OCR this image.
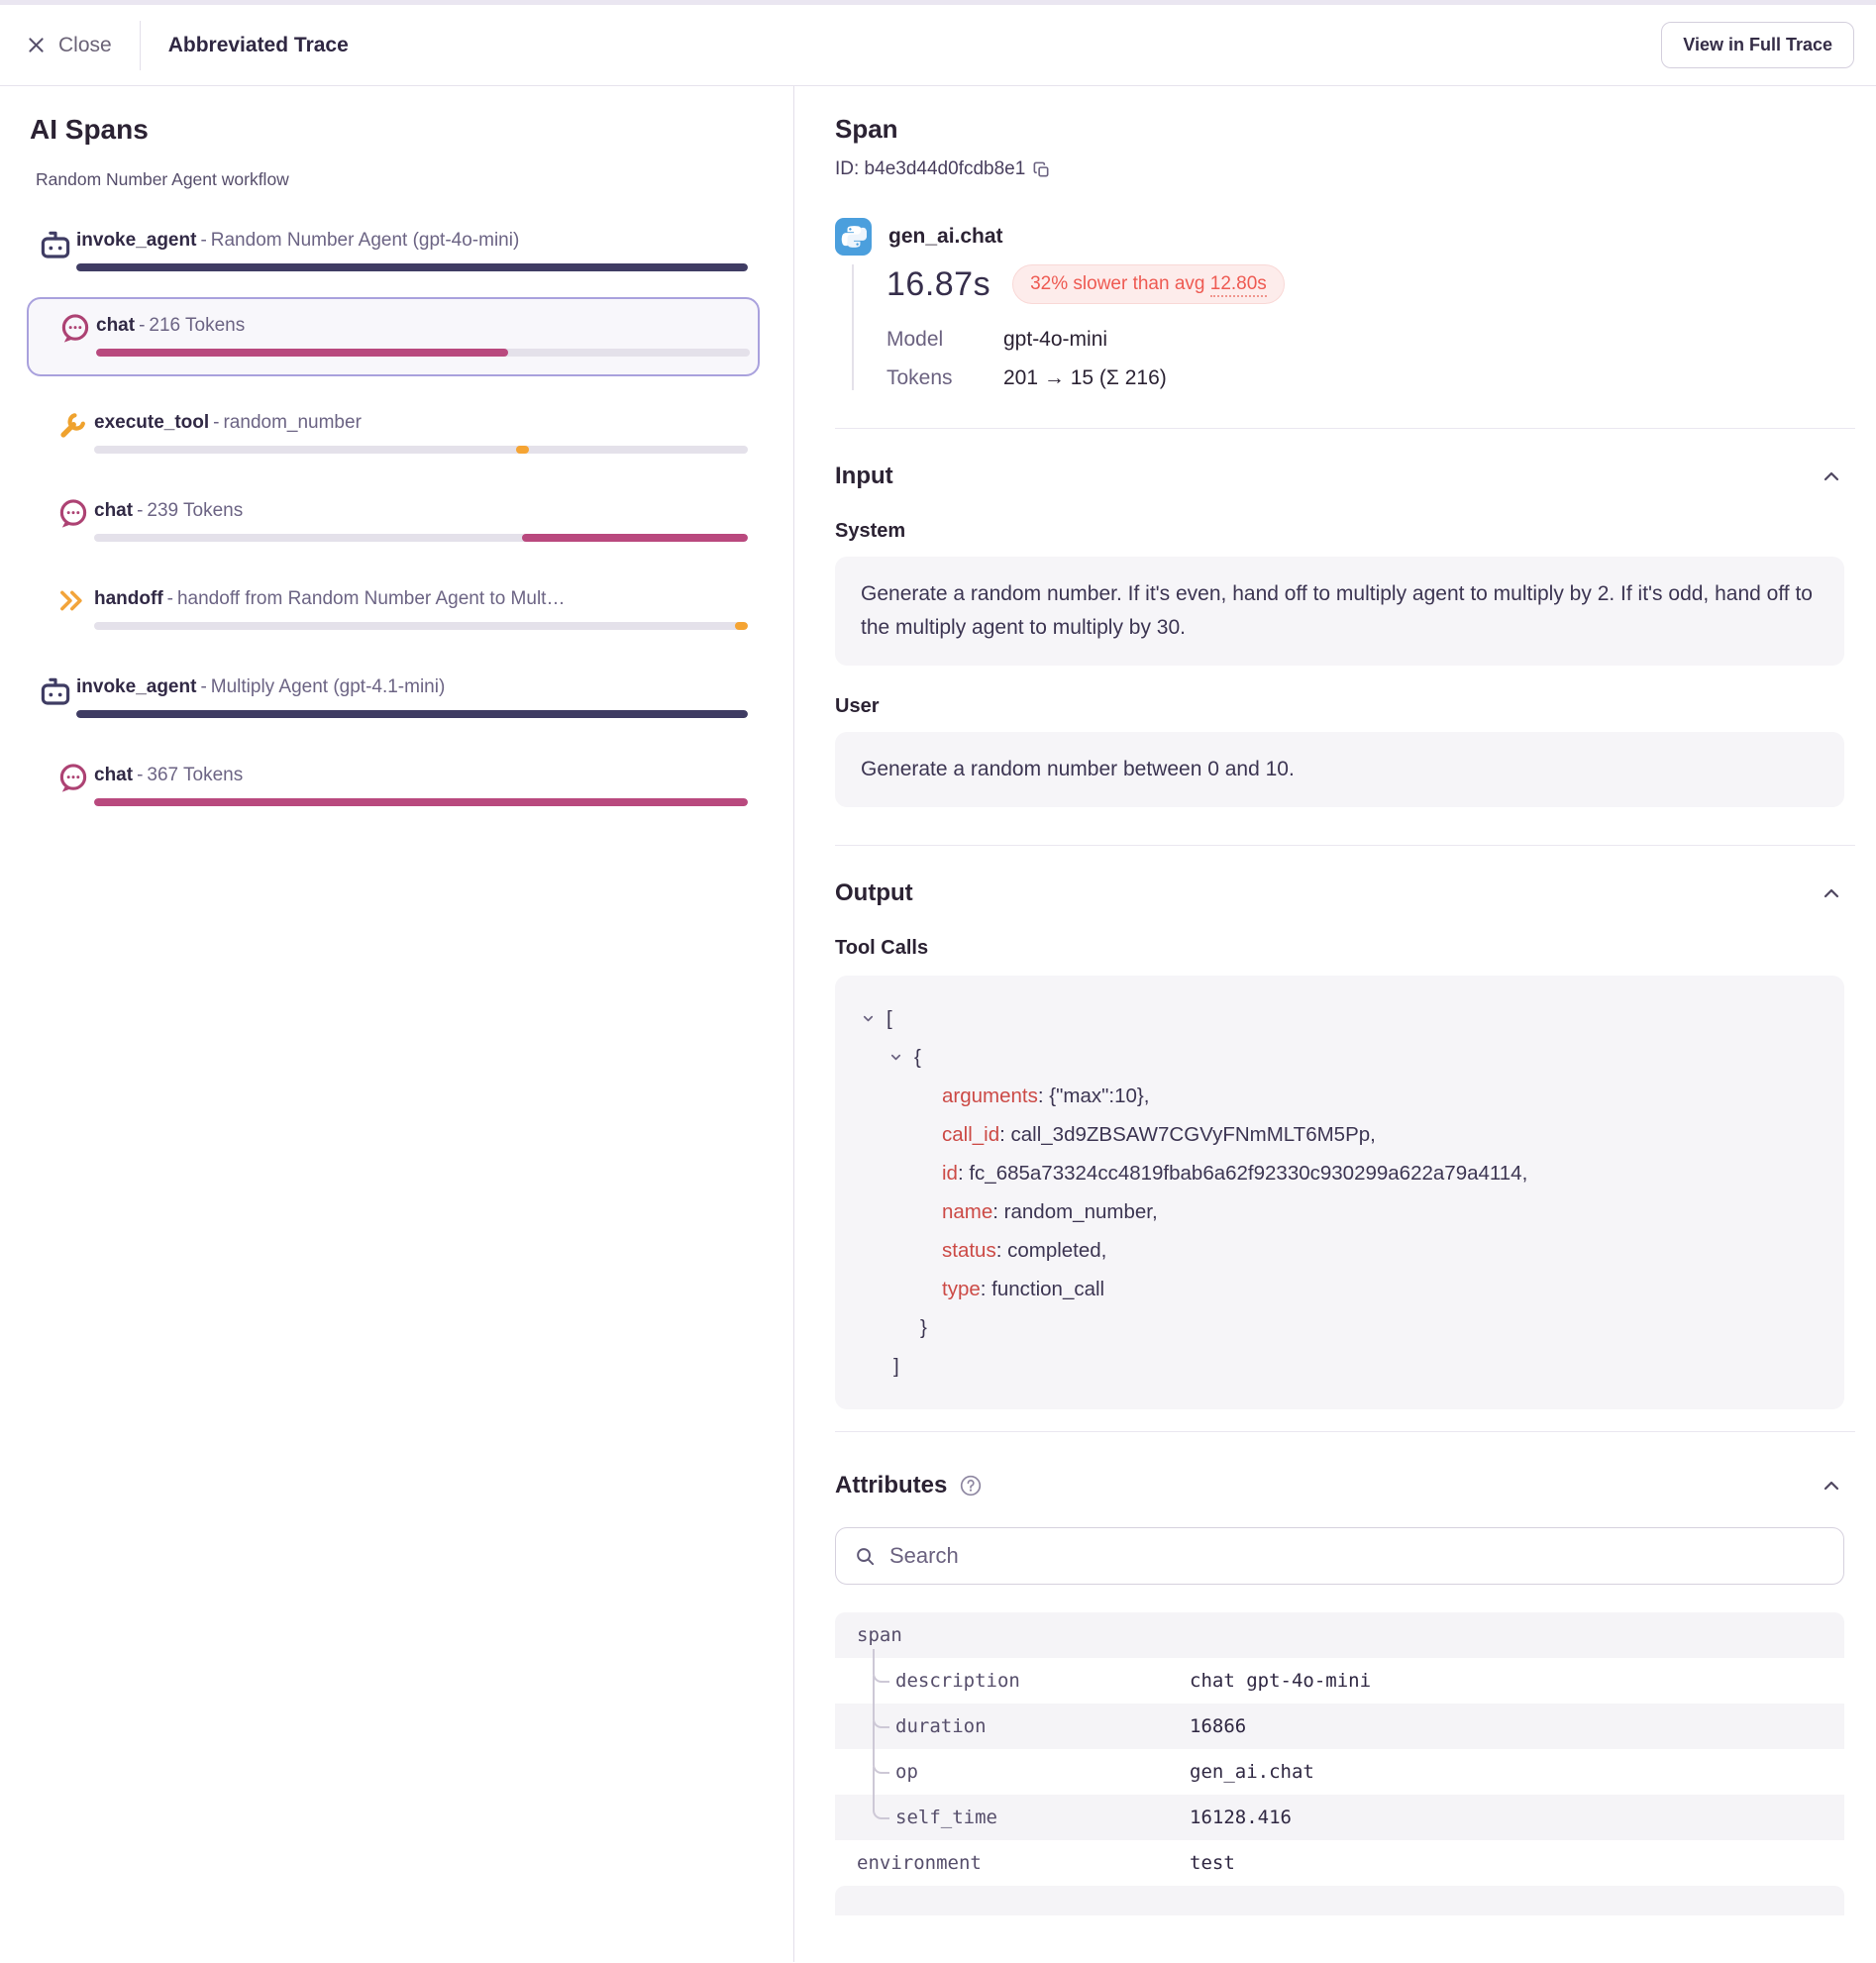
Close	Abbreviated Trace	View in Full Trace
AI Spans
Random Number Agent workflow
invoke_agent - Random Number Agent (gpt-4o-mini)
chat - 216 Tokens
execute_tool - random_number
chat - 239 Tokens
handoff - handoff from Random Number Agent to Mult…
invoke_agent - Multiply Agent (gpt-4.1-mini)
chat - 367 Tokens
Span
ID: b4e3d44d0fcdb8e1
gen_ai.chat
16.87s	32% slower than avg 12.80s
Model	gpt-4o-mini
Tokens	201 → 15 (Σ 216)
Input
System
Generate a random number. If it's even, hand off to multiply agent to multiply by 2. If it's odd, hand off to the multiply agent to multiply by 30.
User
Generate a random number between 0 and 10.
Output
Tool Calls
[
{
arguments : {"max":10},
call_id : call_3d9ZBSAW7CGVyFNmMLT6M5Pp,
id : fc_685a73324cc4819fbab6a62f92330c930299a622a79a4114,
name : random_number,
status : completed,
type : function_call
}
]
Attributes
Search
span
description	chat gpt-4o-mini
duration	16866
op	gen_ai.chat
self_time	16128.416
environment	test
